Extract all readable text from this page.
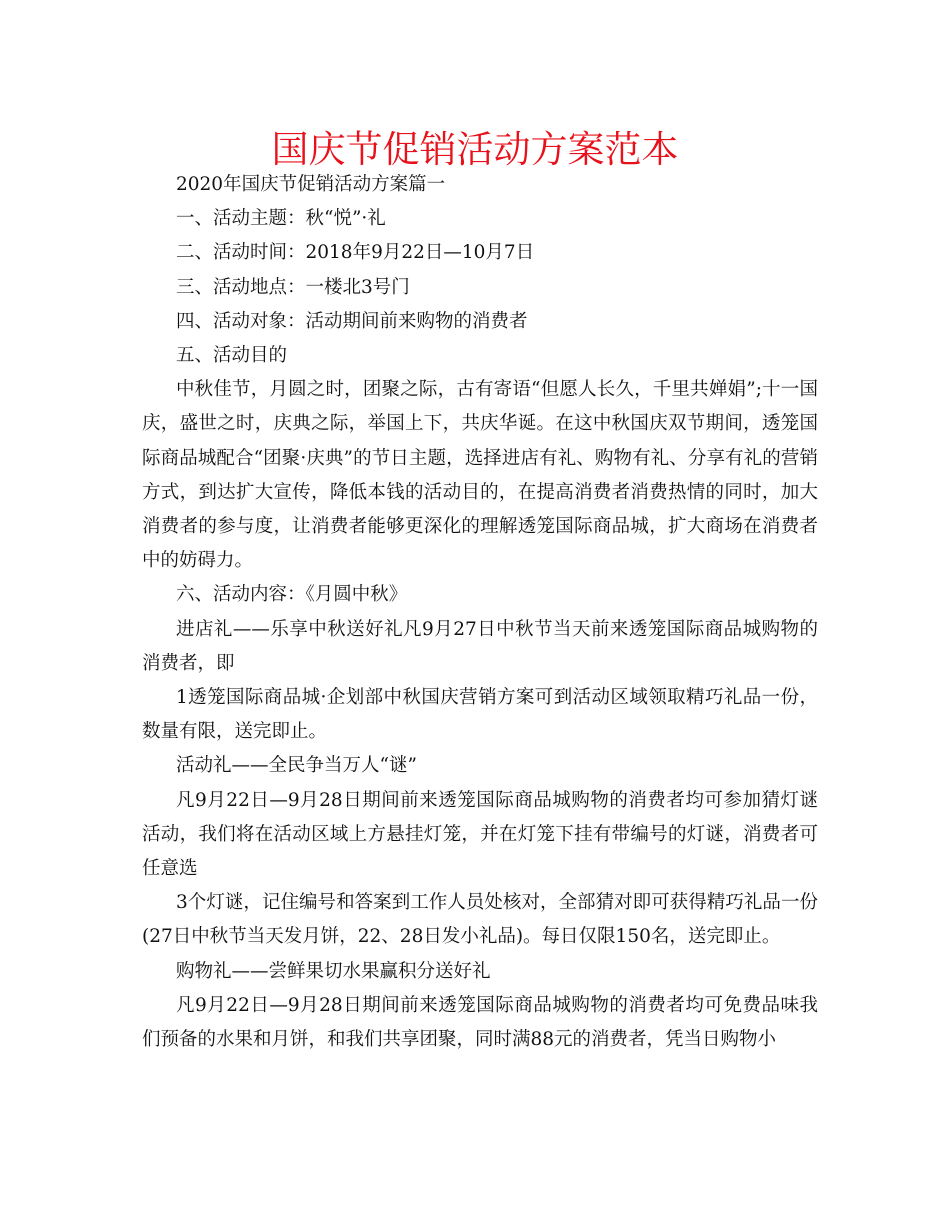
国庆节促销活动方案范本

2020年国庆节促销活动方案篇一

一、活动主题：秋“悦”·礼

二、活动时间：2018年9月22日—10月7日

三、活动地点：一楼北3号门

四、活动对象：活动期间前来购物的消费者

五、活动目的

中秋佳节，月圆之时，团聚之际，古有寄语“但愿人长久，千里共婵娟”;十一国庆，盛世之时，庆典之际，举国上下，共庆华诞。在这中秋国庆双节期间，透笼国际商品城配合“团聚·庆典”的节日主题，选择进店有礼、购物有礼、分享有礼的营销方式，到达扩大宣传，降低本钱的活动目的，在提高消费者消费热情的同时，加大消费者的参与度，让消费者能够更深化的理解透笼国际商品城，扩大商场在消费者中的妨碍力。

六、活动内容：《月圆中秋》

进店礼——乐享中秋送好礼凡9月27日中秋节当天前来透笼国际商品城购物的消费者，即

1透笼国际商品城·企划部中秋国庆营销方案可到活动区域领取精巧礼品一份，数量有限，送完即止。

活动礼——全民争当万人“谜”

凡9月22日—9月28日期间前来透笼国际商品城购物的消费者均可参加猜灯谜活动，我们将在活动区域上方悬挂灯笼，并在灯笼下挂有带编号的灯谜，消费者可任意选

3个灯谜，记住编号和答案到工作人员处核对，全部猜对即可获得精巧礼品一份(27日中秋节当天发月饼，22、28日发小礼品)。每日仅限150名，送完即止。

购物礼——尝鲜果切水果赢积分送好礼

凡9月22日—9月28日期间前来透笼国际商品城购物的消费者均可免费品味我们预备的水果和月饼，和我们共享团聚，同时满88元的消费者，凭当日购物小
